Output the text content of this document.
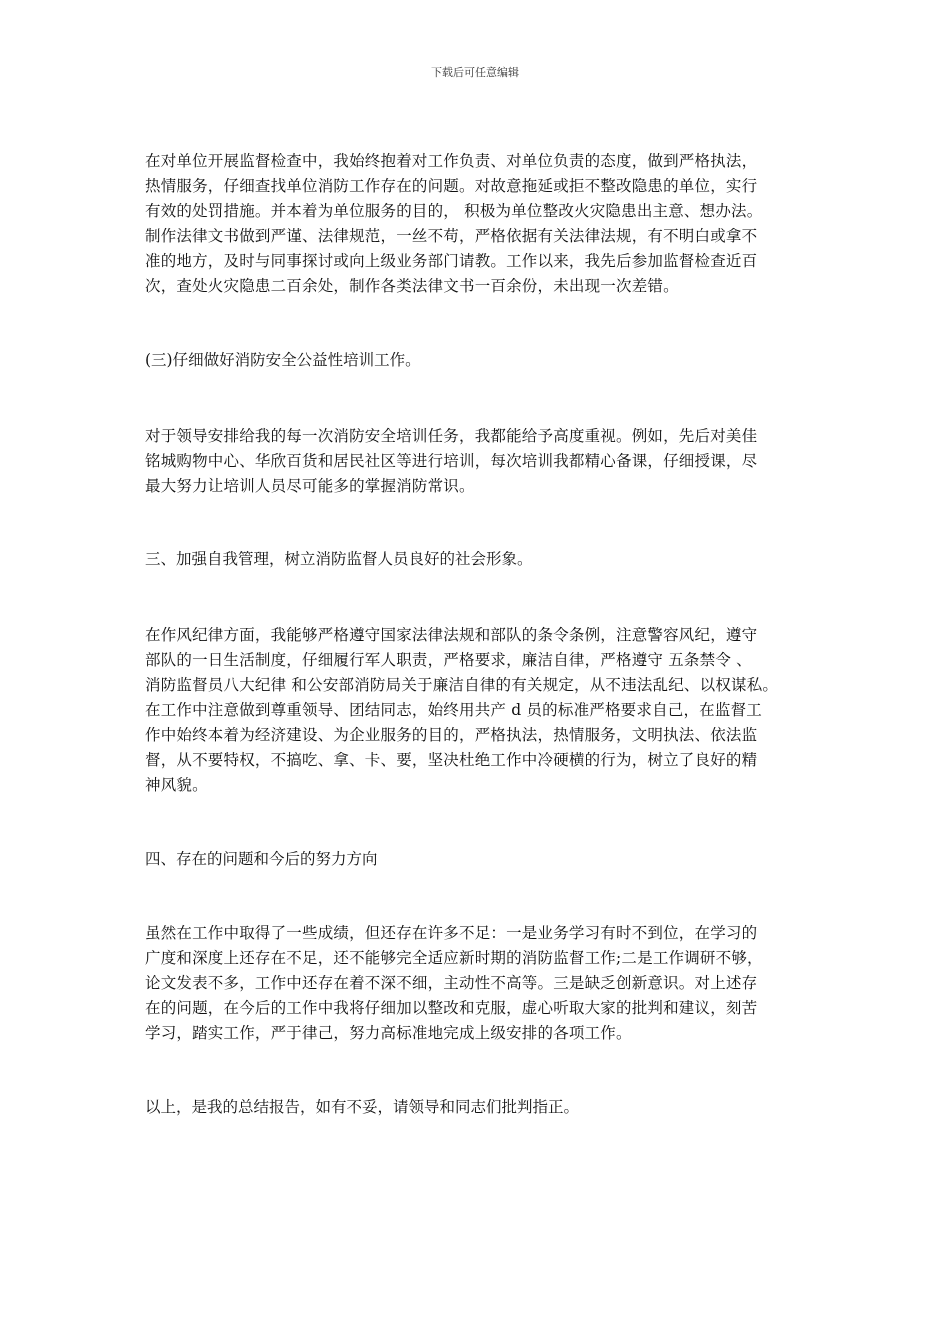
下载后可任意编辑
在对单位开展监督检查中，我始终抱着对工作负责、对单位负责的态度，做到严格执法，
热情服务，仔细查找单位消防工作存在的问题。对故意拖延或拒不整改隐患的单位，实行
有效的处罚措施。并本着为单位服务的目的， 积极为单位整改火灾隐患出主意、想办法。
制作法律文书做到严谨、法律规范，一丝不苟，严格依据有关法律法规，有不明白或拿不
准的地方，及时与同事探讨或向上级业务部门请教。工作以来，我先后参加监督检查近百
次，查处火灾隐患二百余处，制作各类法律文书一百余份，未出现一次差错。
(三)仔细做好消防安全公益性培训工作。
对于领导安排给我的每一次消防安全培训任务，我都能给予高度重视。例如，先后对美佳
铭城购物中心、华欣百货和居民社区等进行培训，每次培训我都精心备课，仔细授课，尽
最大努力让培训人员尽可能多的掌握消防常识。
三、加强自我管理，树立消防监督人员良好的社会形象。
在作风纪律方面，我能够严格遵守国家法律法规和部队的条令条例，注意警容风纪，遵守
部队的一日生活制度，仔细履行军人职责，严格要求，廉洁自律，严格遵守 五条禁令 、
消防监督员八大纪律 和公安部消防局关于廉洁自律的有关规定，从不违法乱纪、以权谋私。
在工作中注意做到尊重领导、团结同志，始终用共产 d 员的标准严格要求自己，在监督工
作中始终本着为经济建设、为企业服务的目的，严格执法，热情服务，文明执法、依法监
督，从不要特权，不搞吃、拿、卡、要，坚决杜绝工作中冷硬横的行为，树立了良好的精
神风貌。
四、存在的问题和今后的努力方向
虽然在工作中取得了一些成绩，但还存在许多不足：一是业务学习有时不到位，在学习的
广度和深度上还存在不足，还不能够完全适应新时期的消防监督工作;二是工作调研不够，
论文发表不多，工作中还存在着不深不细，主动性不高等。三是缺乏创新意识。对上述存
在的问题，在今后的工作中我将仔细加以整改和克服，虚心听取大家的批判和建议，刻苦
学习，踏实工作，严于律己，努力高标准地完成上级安排的各项工作。
以上，是我的总结报告，如有不妥，请领导和同志们批判指正。
